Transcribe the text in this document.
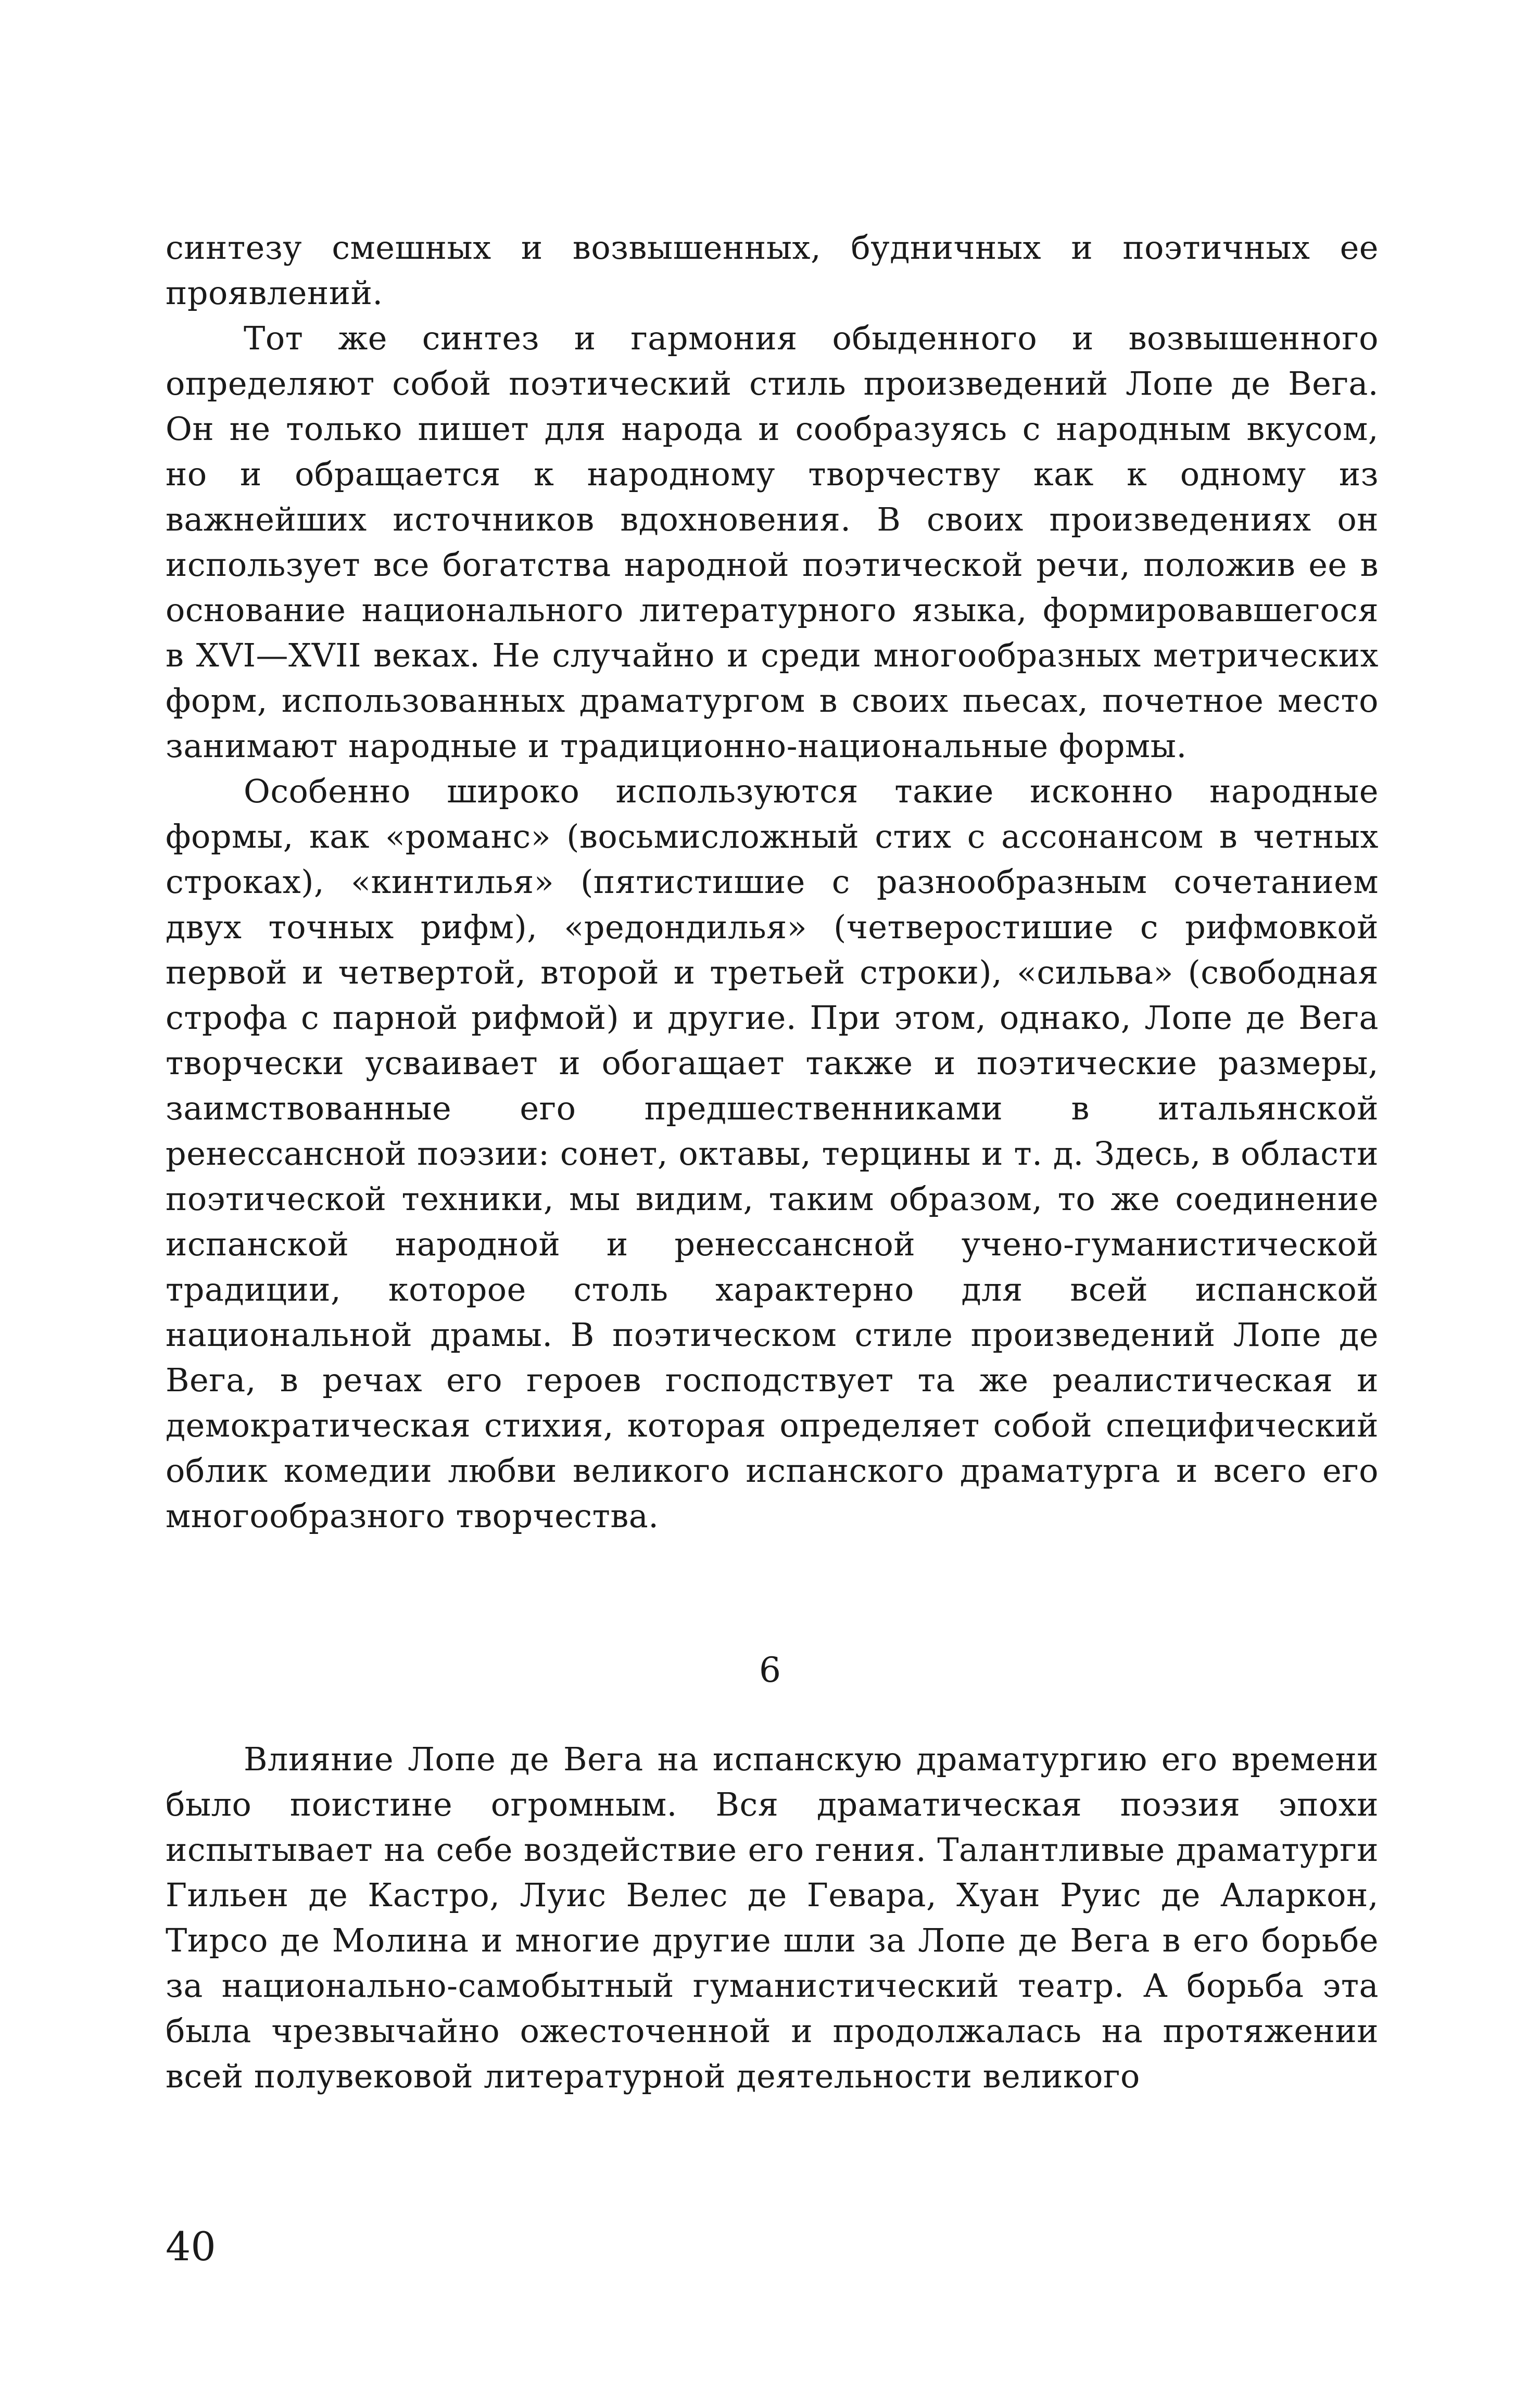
синтезу смешных и возвышенных, будничных и поэтичных ее проявлений.

Тот же синтез и гармония обыденного и возвышенного определяют собой поэтический стиль произведений Лопе де Вега. Он не только пишет для народа и сообразуясь с народным вкусом, но и обращается к народному творчеству как к одному из важнейших источников вдохновения. В своих произведениях он использует все богатства народной поэтической речи, положив ее в основание национального литературного языка, формировавшегося в XVI—XVII веках. Не случайно и среди многообразных метрических форм, использованных драматургом в своих пьесах, почетное место занимают народные и традиционно-национальные формы.

Особенно широко используются такие исконно народные формы, как «романс» (восьмисложный стих с ассонансом в четных строках), «кинтилья» (пятистишие с разнообразным сочетанием двух точных рифм), «редондилья» (четверостишие с рифмовкой первой и четвертой, второй и третьей строки), «сильва» (свободная строфа с парной рифмой) и другие. При этом, однако, Лопе де Вега творчески усваивает и обогащает также и поэтические размеры, заимствованные его предшественниками в итальянской ренессансной поэзии: сонет, октавы, терцины и т. д. Здесь, в области поэтической техники, мы видим, таким образом, то же соединение испанской народной и ренессансной учено-гуманистической традиции, которое столь характерно для всей испанской национальной драмы. В поэтическом стиле произведений Лопе де Вега, в речах его героев господствует та же реалистическая и демократическая стихия, которая определяет собой специфический облик комедии любви великого испанского драматурга и всего его многообразного творчества.

6

Влияние Лопе де Вега на испанскую драматургию его времени было поистине огромным. Вся драматическая поэзия эпохи испытывает на себе воздействие его гения. Талантливые драматурги Гильен де Кастро, Луис Велес де Гевара, Хуан Руис де Аларкон, Тирсо де Молина и многие другие шли за Лопе де Вега в его борьбе за национально-самобытный гуманистический театр. А борьба эта была чрезвычайно ожесточенной и продолжалась на протяжении всей полувековой литературной деятельности великого

40
